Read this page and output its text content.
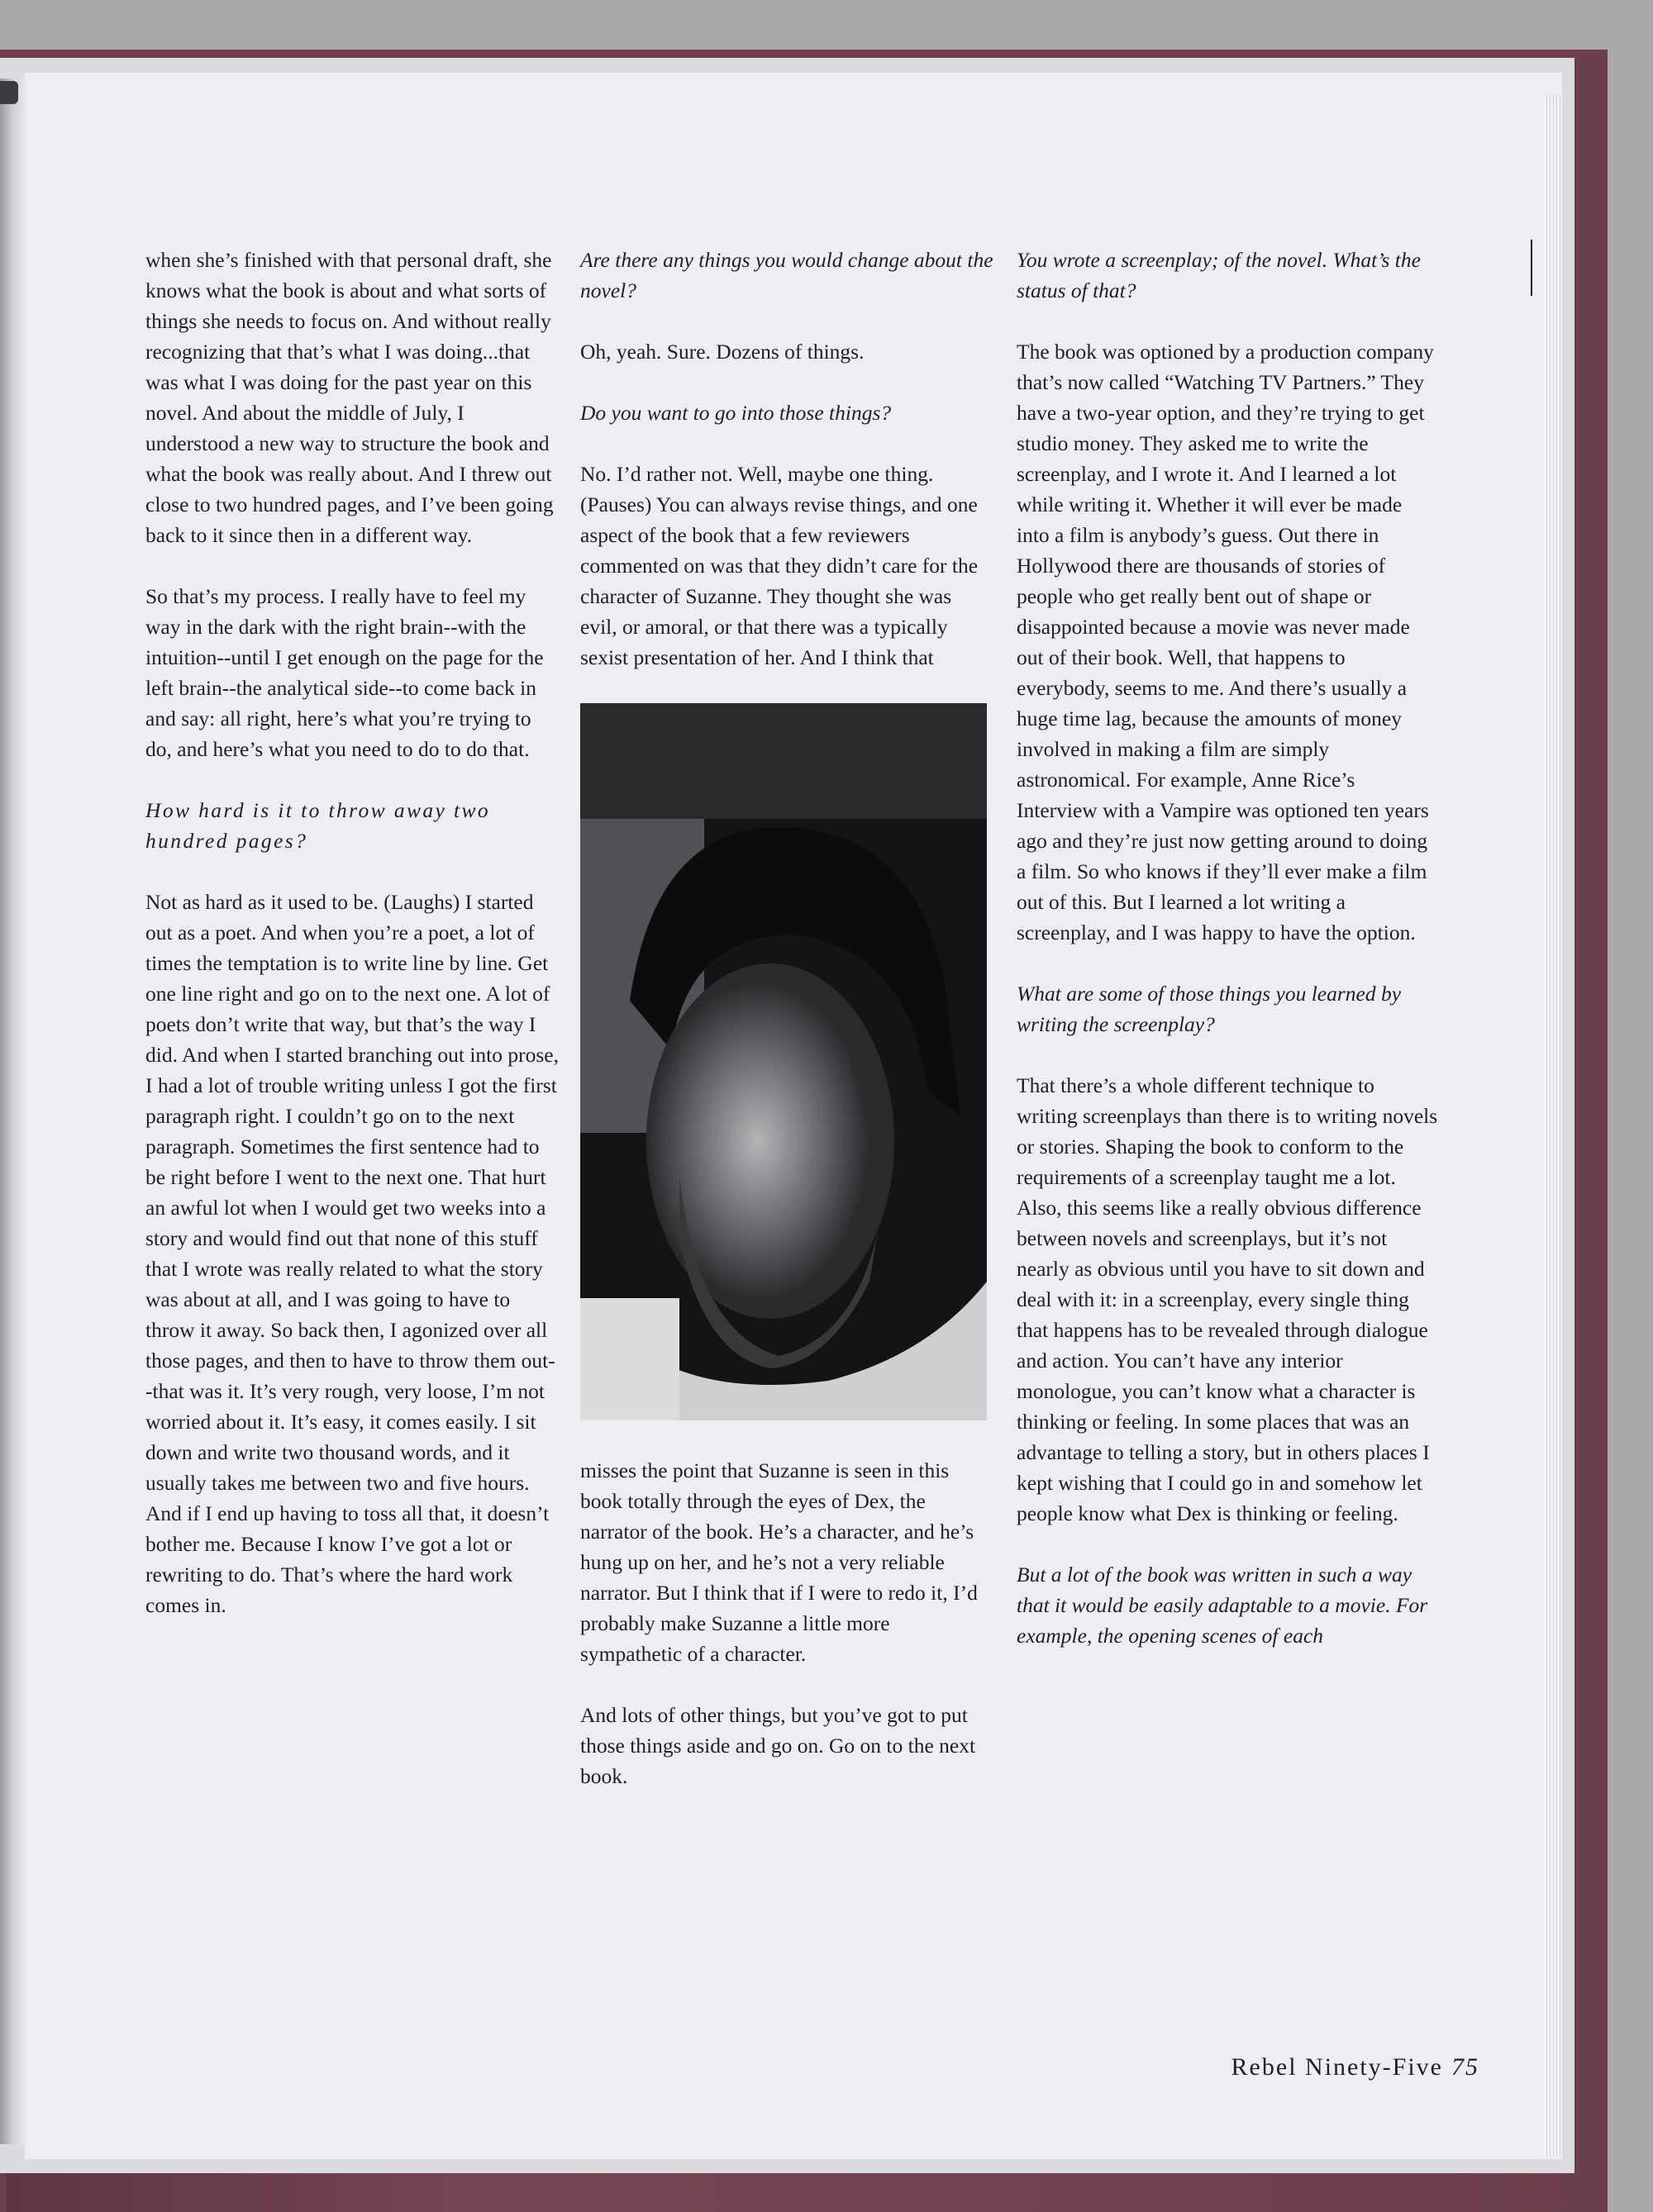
when she’s finished with that personal draft, she knows what the book is about and what sorts of things she needs to focus on. And without really recognizing that that’s what I was doing...that was what I was doing for the past year on this novel. And about the middle of July, I understood a new way to structure the book and what the book was really about. And I threw out close to two hundred pages, and I’ve been going back to it since then in a different way.

So that’s my process. I really have to feel my way in the dark with the right brain--with the intuition--until I get enough on the page for the left brain--the analytical side--to come back in and say: all right, here’s what you’re trying to do, and here’s what you need to do to do that.

How hard is it to throw away two hundred pages?

Not as hard as it used to be. (Laughs) I started out as a poet. And when you’re a poet, a lot of times the temptation is to write line by line. Get one line right and go on to the next one. A lot of poets don’t write that way, but that’s the way I did. And when I started branching out into prose, I had a lot of trouble writing unless I got the first paragraph right. I couldn’t go on to the next paragraph. Sometimes the first sentence had to be right before I went to the next one. That hurt an awful lot when I would get two weeks into a story and would find out that none of this stuff that I wrote was really related to what the story was about at all, and I was going to have to throw it away. So back then, I agonized over all those pages, and then to have to throw them out--that was it. It’s very rough, very loose, I’m not worried about it. It’s easy, it comes easily. I sit down and write two thousand words, and it usually takes me between two and five hours. And if I end up having to toss all that, it doesn’t bother me. Because I know I’ve got a lot or rewriting to do. That’s where the hard work comes in.

Are there any things you would change about the novel?

Oh, yeah. Sure. Dozens of things.

Do you want to go into those things?

No. I’d rather not. Well, maybe one thing. (Pauses) You can always revise things, and one aspect of the book that a few reviewers commented on was that they didn’t care for the character of Suzanne. They thought she was evil, or amoral, or that there was a typically sexist presentation of her. And I think that

misses the point that Suzanne is seen in this book totally through the eyes of Dex, the narrator of the book. He’s a character, and he’s hung up on her, and he’s not a very reliable narrator. But I think that if I were to redo it, I’d probably make Suzanne a little more sympathetic of a character.

And lots of other things, but you’ve got to put those things aside and go on. Go on to the next book.

You wrote a screenplay; of the novel. What’s the status of that?

The book was optioned by a production company that’s now called “Watching TV Partners.” They have a two-year option, and they’re trying to get studio money. They asked me to write the screenplay, and I wrote it. And I learned a lot while writing it. Whether it will ever be made into a film is anybody’s guess. Out there in Hollywood there are thousands of stories of people who get really bent out of shape or disappointed because a movie was never made out of their book. Well, that happens to everybody, seems to me. And there’s usually a huge time lag, because the amounts of money involved in making a film are simply astronomical. For example, Anne Rice’s Interview with a Vampire was optioned ten years ago and they’re just now getting around to doing a film. So who knows if they’ll ever make a film out of this. But I learned a lot writing a screenplay, and I was happy to have the option.

What are some of those things you learned by writing the screenplay?

That there’s a whole different technique to writing screenplays than there is to writing novels or stories. Shaping the book to conform to the requirements of a screenplay taught me a lot. Also, this seems like a really obvious difference between novels and screenplays, but it’s not nearly as obvious until you have to sit down and deal with it: in a screenplay, every single thing that happens has to be revealed through dialogue and action. You can’t have any interior monologue, you can’t know what a character is thinking or feeling. In some places that was an advantage to telling a story, but in others places I kept wishing that I could go in and somehow let people know what Dex is thinking or feeling.

But a lot of the book was written in such a way that it would be easily adaptable to a movie. For example, the opening scenes of each

Rebel Ninety-Five 75
